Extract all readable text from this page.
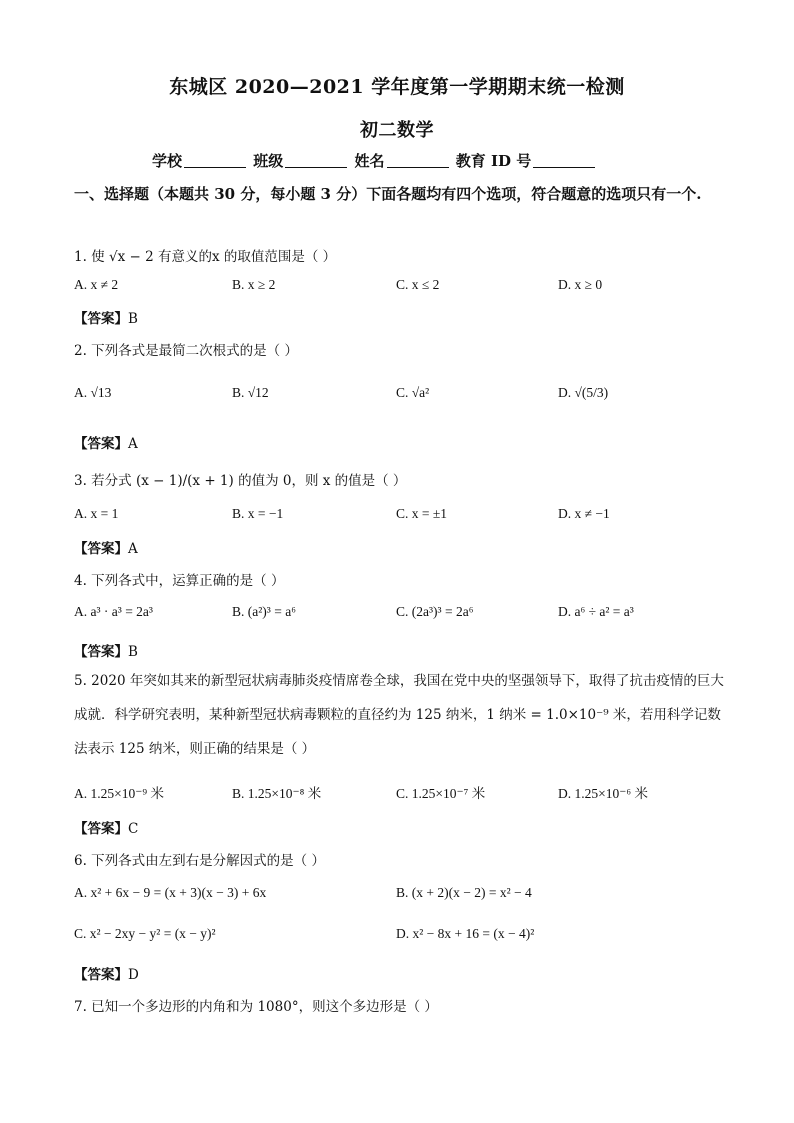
东城区 2020—2021 学年度第一学期期末统一检测
初二数学
学校	班级	姓名	教育 ID 号
一、选择题（本题共 30 分，每小题 3 分）下面各题均有四个选项，符合题意的选项只有一个.
1. 使 √x − 2 有意义的x 的取值范围是（ ）
A. x ≠ 2	B. x ≥ 2	C. x ≤ 2	D. x ≥ 0
【答案】B
2. 下列各式是最简二次根式的是（ ）
A. √13	B. √12	C. √a²	D. √(5/3)
【答案】A
3. 若分式 (x − 1)/(x + 1) 的值为 0，则 x 的值是（ ）
A. x = 1	B. x = −1	C. x = ±1	D. x ≠ −1
【答案】A
4. 下列各式中，运算正确的是（ ）
A. a³ · a³ = 2a³	B. (a²)³ = a⁶	C. (2a³)³ = 2a⁶	D. a⁶ ÷ a² = a³
【答案】B
5. 2020 年突如其来的新型冠状病毒肺炎疫情席卷全球，我国在党中央的坚强领导下，取得了抗击疫情的巨大成就．科学研究表明，某种新型冠状病毒颗粒的直径约为 125 纳米，1 纳米 = 1.0×10⁻⁹ 米，若用科学记数法表示 125 纳米，则正确的结果是（ ）
A. 1.25×10⁻⁹ 米	B. 1.25×10⁻⁸ 米	C. 1.25×10⁻⁷ 米	D. 1.25×10⁻⁶ 米
【答案】C
6. 下列各式由左到右是分解因式的是（ ）
A. x² + 6x − 9 = (x + 3)(x − 3) + 6x	B. (x + 2)(x − 2) = x² − 4
C. x² − 2xy − y² = (x − y)²	D. x² − 8x + 16 = (x − 4)²
【答案】D
7. 已知一个多边形的内角和为 1080°，则这个多边形是（ ）
